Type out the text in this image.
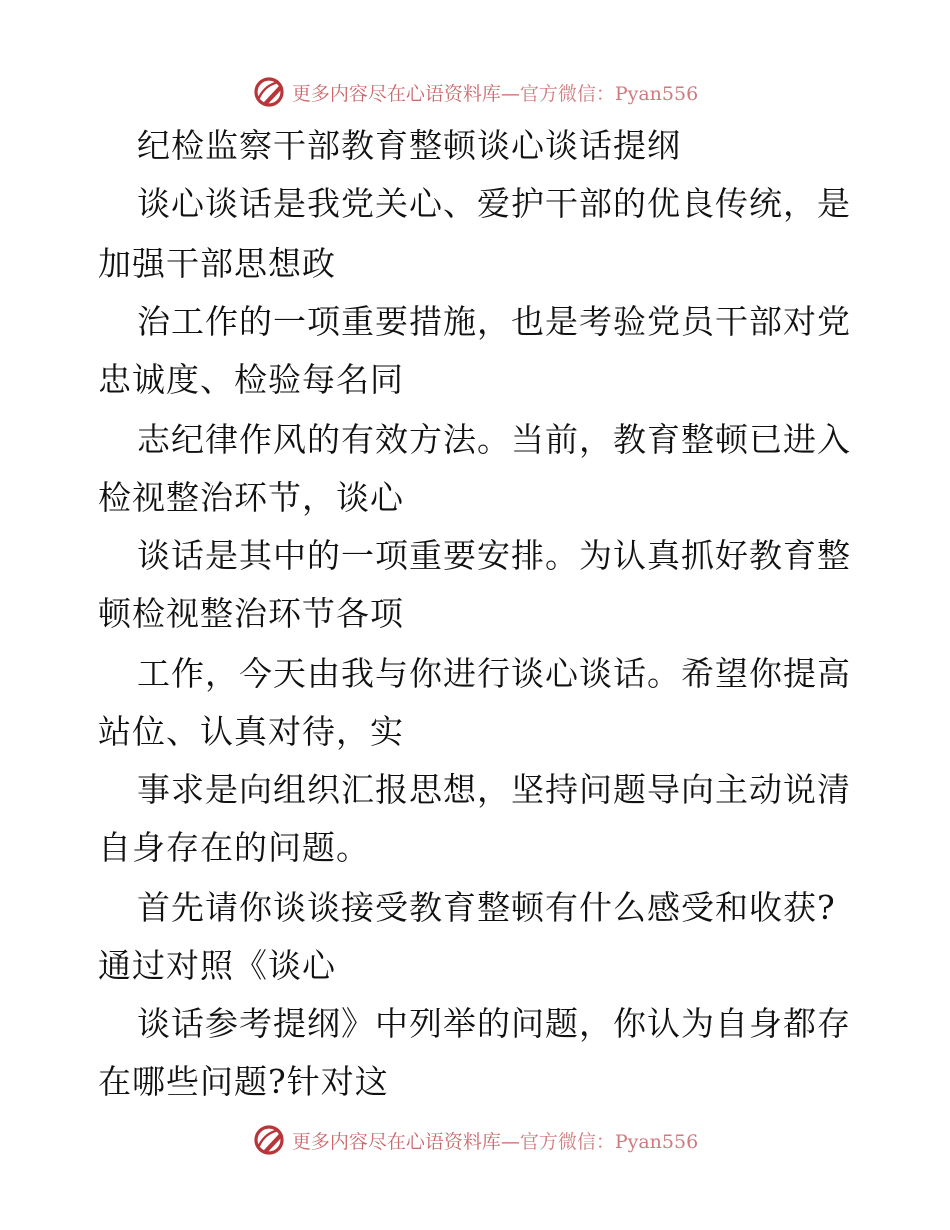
更多内容尽在心语资料库—官方微信：Pyan556
纪检监察干部教育整顿谈心谈话提纲
谈心谈话是我党关心、爱护干部的优良传统，是
加强干部思想政
治工作的一项重要措施，也是考验党员干部对党
忠诚度、检验每名同
志纪律作风的有效方法。当前，教育整顿已进入
检视整治环节，谈心
谈话是其中的一项重要安排。为认真抓好教育整
顿检视整治环节各项
工作，今天由我与你进行谈心谈话。希望你提高
站位、认真对待，实
事求是向组织汇报思想，坚持问题导向主动说清
自身存在的问题。
首先请你谈谈接受教育整顿有什么感受和收获?
通过对照《谈心
谈话参考提纲》中列举的问题，你认为自身都存
在哪些问题?针对这
更多内容尽在心语资料库—官方微信：Pyan556
